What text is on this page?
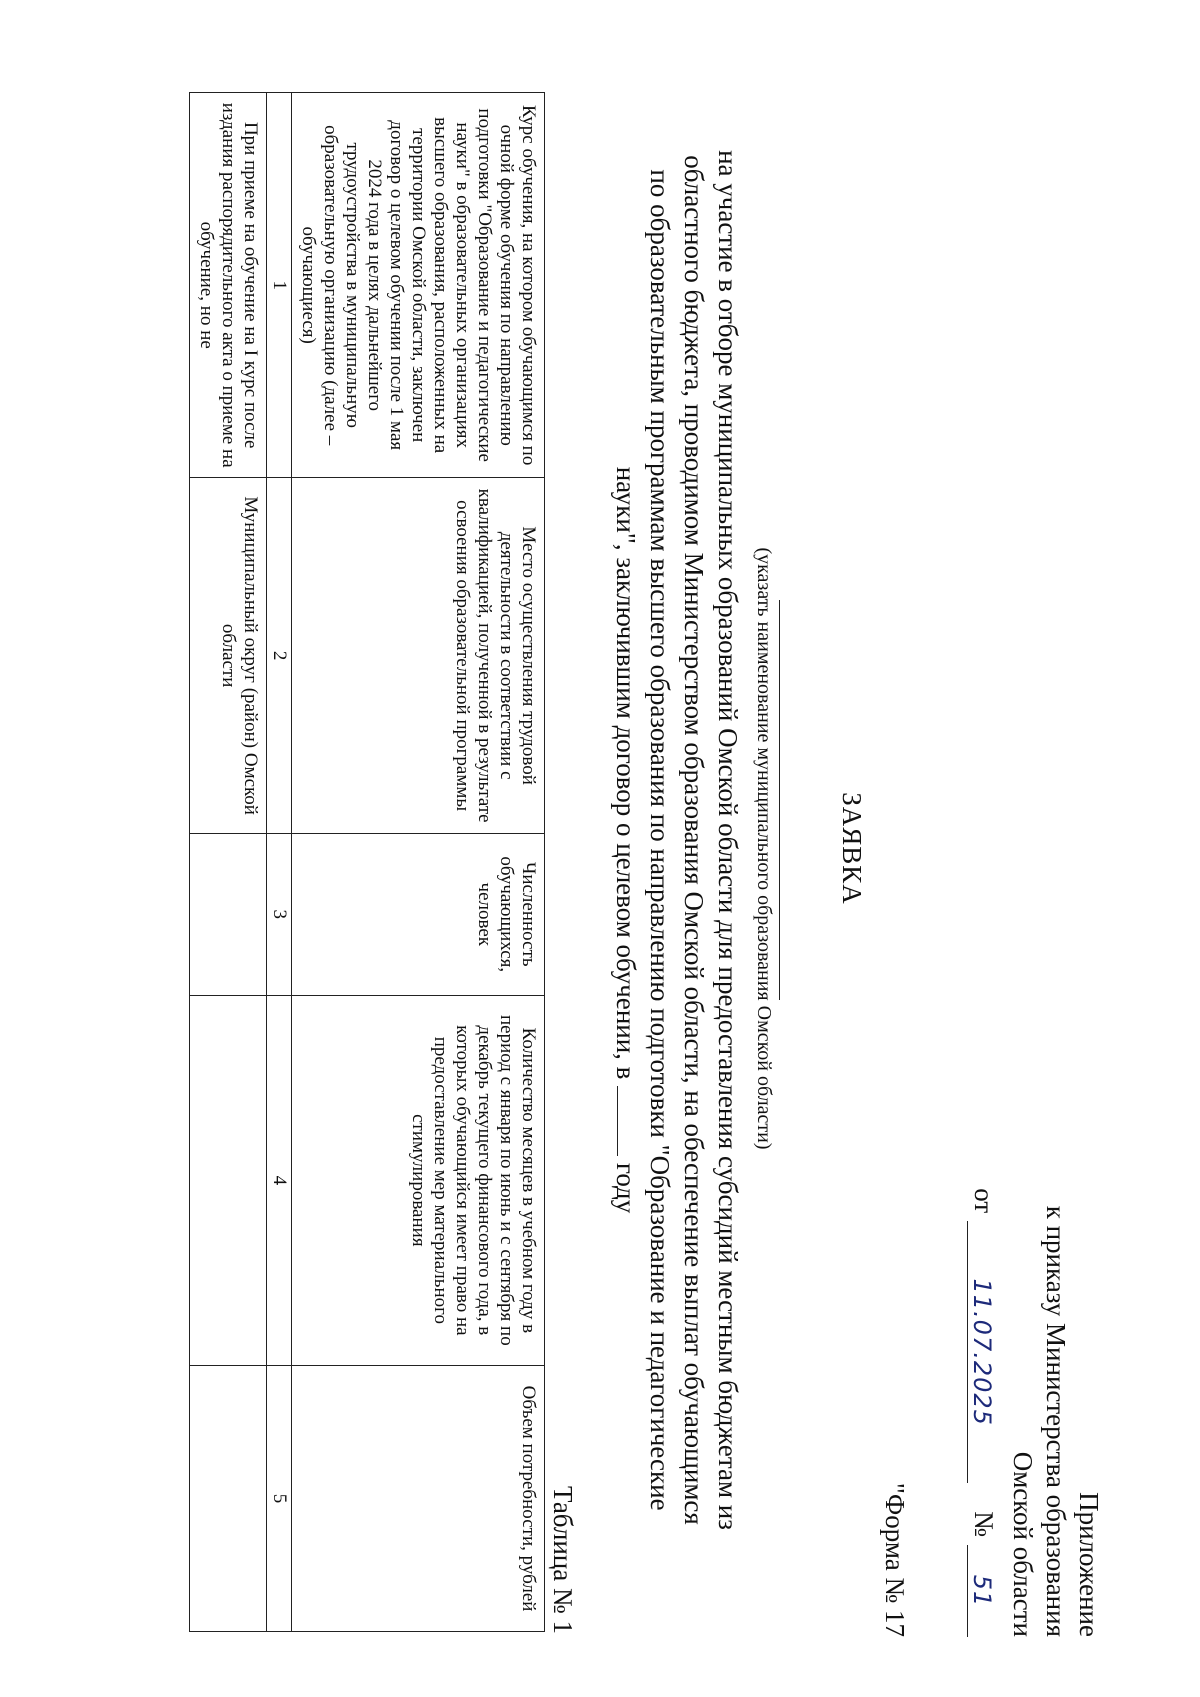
Приложение
к приказу Министерства образования
Омской области
от
11.07.2025
№
51
"Форма № 17
ЗАЯВКА
(указать наименование муниципального образования Омской области)
на участие в отборе муниципальных образований Омской области для предоставления субсидий местным бюджетам из
областного бюджета, проводимом Министерством образования Омской области, на обеспечение выплат обучающимся
по образовательным программам высшего образования по направлению подготовки "Образование и педагогические
науки", заключившим договор о целевом обучении, в  году
Таблица № 1
Курс обучения, на котором обучающимся по очной форме обучения по направлению подготовки "Образование и педагогические науки" в образовательных организациях высшего образования, расположенных на территории Омской области, заключен договор о целевом обучении после 1 мая 2024 года в целях дальнейшего трудоустройства в муниципальную образовательную организацию (далее – обучающиеся)	Место осуществления трудовой деятельности в соответствии с квалификацией, полученной в результате освоения образовательной программы	Численность обучающихся, человек	Количество месяцев в учебном году в период с января по июнь и с сентября по декабрь текущего финансового года, в которых обучающийся имеет право на предоставление мер материального стимулирования	Объем потребности, рублей
1	2	3	4	5
При приеме на обучение на I курс после издания распорядительного акта о приеме на обучение, но не	Муниципальный округ (район) Омской области			
